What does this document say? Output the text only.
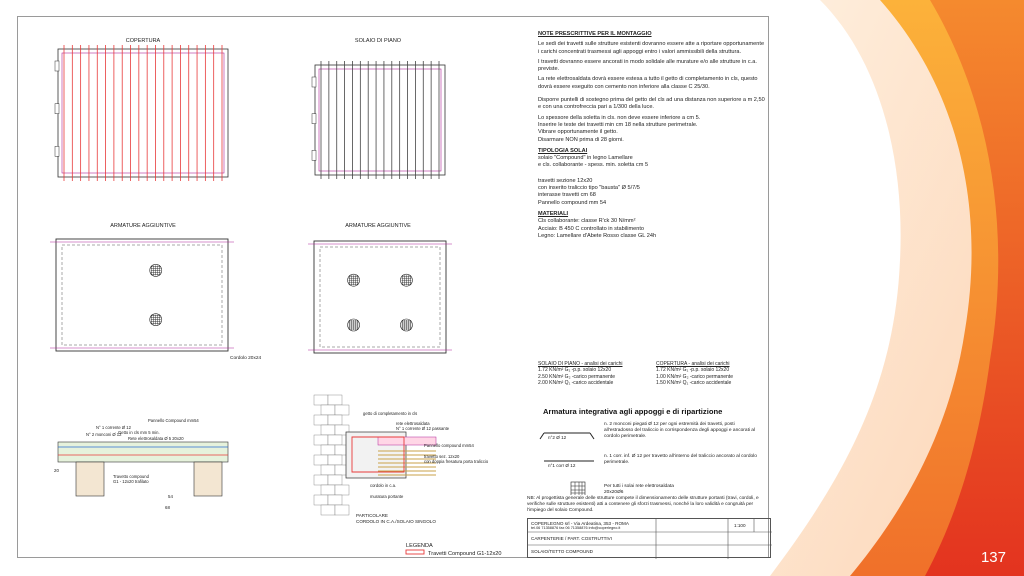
COPERTURA	SOLAIO DI PIANO
ARMATURE AGGIUNTIVE	ARMATURE AGGIUNTIVE
Cordolo 20x24
Pannello Compound mm54
N° 1 corrente Ø 12
Getto in cls mm 5 min.
N° 2 monconi Ø 12
Rete elettrosaldata Ø 5 20x20
Travetto compound
G1 - 12x20 trafilato
20
54
68
getto di completamento in cls
rete elettrosaldata
N° 1 corrente Ø 12 passante
Pannello compound mm54
travetto sez. 12x20
con doppia fresatura porta traliccio
cordolo in c.a.
muratura portante
PARTICOLARE
CORDOLO IN C.A./SOLAIO SINGOLO
LEGENDA
Travetti Compound G1-12x20

NOTE PRESCRITTIVE PER IL MONTAGGIO

Le sedi dei travetti sulle strutture esistenti dovranno essere atte a riportare opportunamente i carichi concentrati trasmessi agli appoggi entro i valori ammissibili della struttura.

I travetti dovranno essere ancorati in modo solidale alle murature e/o alle strutture in c.a. previste.

La rete elettrosaldata dovrà essere estesa a tutto il getto di completamento in cls, questo dovrà essere eseguito con cemento non inferiore alla classe C 25/30.

Disporre puntelli di sostegno prima del getto del cls ad una distanza non superiore a m 2,50 e con una controfreccia pari a 1/300 della luce.

Lo spessore della soletta in cls. non deve essere inferiore a cm 5.

Inserire le teste dei travetti min cm 18 nella strutture perimetrale.

Vibrare opportunamente il getto.

Disarmare NON prima di 28 giorni.

TIPOLOGIA SOLAI

solaio "Compound" in legno Lamellare

e cls. collaborante - spess. min. soletta cm 5

travetti sezione 12x20

con inserito traliccio tipo "bausta" Ø 5/7/5

interasse travetti cm 68

Pannello compound mm 54

MATERIALI

Cls collaborante: classe R'ck 30 N/mm²

Acciaio: B 450 C controllato in stabilimento

Legno: Lamellare d'Abete Rosso classe GL 24h

SOLAIO DI PIANO - analisi dei carichi
1.72 KN/m² G₁ -p.p. solaio 12x20
2.50 KN/m² G₂ -carico permanente
2.00 KN/m² Q₁ -carico accidentale
COPERTURA - analisi dei carichi
1.72 KN/m² G₁ -p.p. solaio 12x20
1.00 KN/m² G₂ -carico permanente
1.50 KN/m² Q₁ -carico accidentale
Armatura integrativa agli appoggi e di ripartizione
n°2 Ø 12
n°1 corr Ø 12
n. 2 monconi piegati Ø 12 per ogni estremità dei travetti, posti all'estradosso del traliccio in corrispondenza degli appoggi e ancorati al cordolo perimetrale.
n. 1 corr. inf. Ø 12 per travetto all'interno del traliccio ancorato al cordolo perimetrale.
Per tutti i solai rete elettrosaldata 20x20Ø6
NB: Al progettista generale delle strutture compete il dimensionamento delle strutture portanti (travi, cordoli, e verifiche sulle strutture esistenti) atti a contenere gli sforzi trasmessi, nonché la loro validità e congruità per l'impiego del solaio Compound.
COPERLEGNO srl - Via Ardeatina, 353 - ROMA
tel.06 71358876 fax 06 71358876 info@coperlegno.it
CARPENTERIE / PART. COSTRUTTIVI
SOLAIO/TETTO COMPOUND
1:100
137
